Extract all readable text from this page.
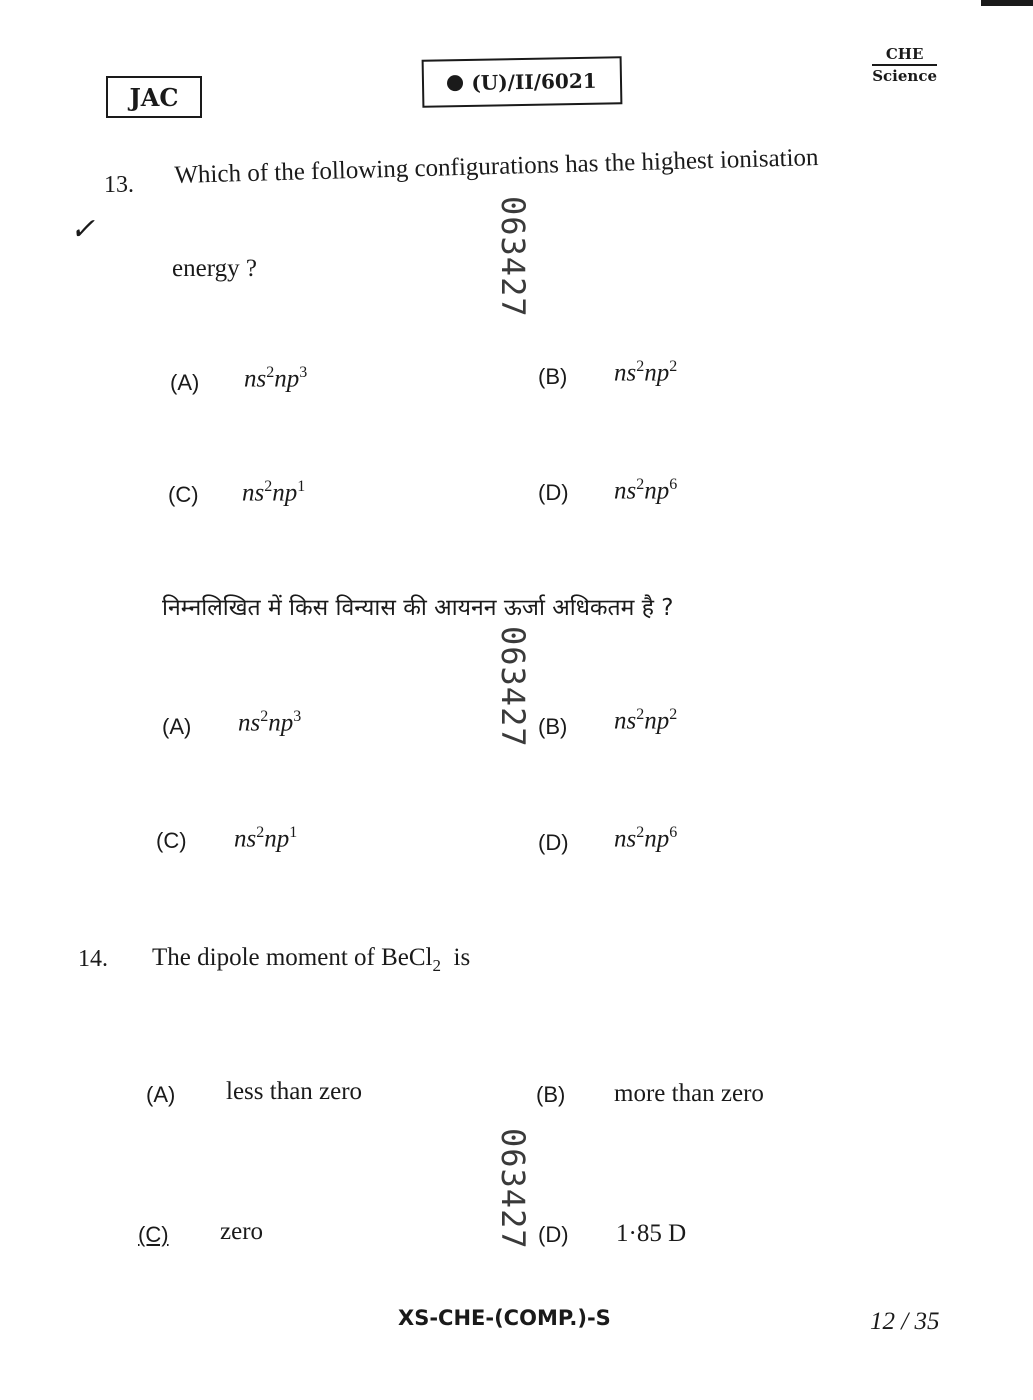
JAC
(U)/II/6021
CHE
Science
13. Which of the following configurations has the highest ionisation
✓
energy ?	063427
(A) $ns^2np^3$	(B) $ns^2np^2$
(C) $ns^2np^1$	(D) $ns^2np^6$
निम्नलिखित में किस विन्यास की आयनन ऊर्जा अधिकतम है ?
063427
(A) $ns^2np^3$	(B) $ns^2np^2$
(C) $ns^2np^1$	(D) $ns^2np^6$
14. The dipole moment of BeCl$_2$ is
(A) less than zero	(B) more than zero
063427
(C) zero	(D) 1·85 D
XS-CHE-(COMP.)-S	12 / 35
